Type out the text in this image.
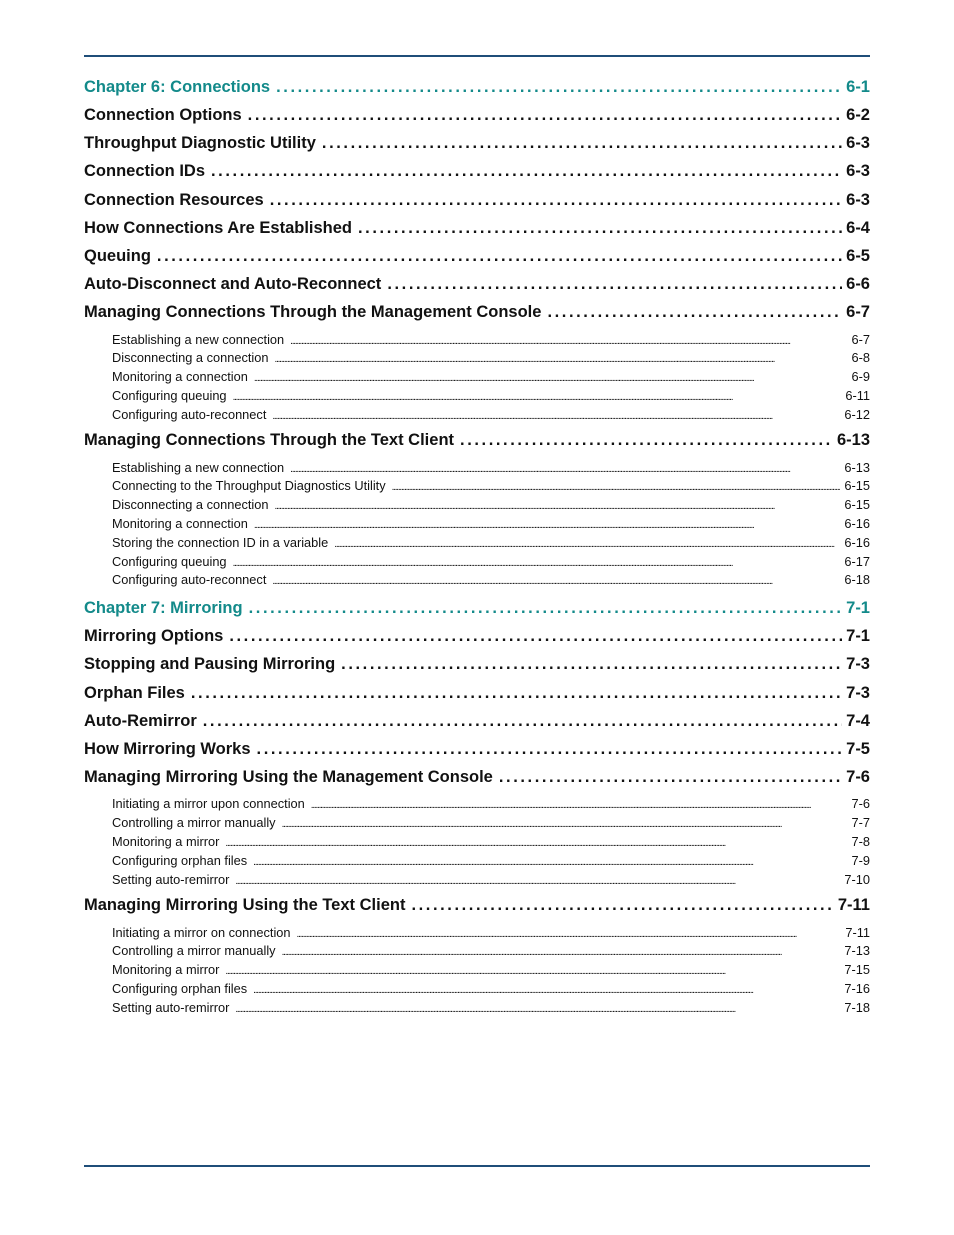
Chapter 6: Connections . . .	6-1
Connection Options . . .	6-2
Throughput Diagnostic Utility . . .	6-3
Connection IDs . . .	6-3
Connection Resources . . .	6-3
How Connections Are Established . . .	6-4
Queuing . . .	6-5
Auto-Disconnect and Auto-Reconnect . . .	6-6
Managing Connections Through the Management Console . . .	6-7
Establishing a new connection . . .	6-7
Disconnecting a connection . . .	6-8
Monitoring a connection . . .	6-9
Configuring queuing . . .	6-11
Configuring auto-reconnect . . .	6-12
Managing Connections Through the Text Client . . .	6-13
Establishing a new connection . . .	6-13
Connecting to the Throughput Diagnostics Utility . . .	6-15
Disconnecting a connection . . .	6-15
Monitoring a connection . . .	6-16
Storing the connection ID in a variable . . .	6-16
Configuring queuing . . .	6-17
Configuring auto-reconnect . . .	6-18
Chapter 7: Mirroring . . .	7-1
Mirroring Options . . .	7-1
Stopping and Pausing Mirroring . . .	7-3
Orphan Files . . .	7-3
Auto-Remirror . . .	7-4
How Mirroring Works . . .	7-5
Managing Mirroring Using the Management Console . . .	7-6
Initiating a mirror upon connection . . .	7-6
Controlling a mirror manually . . .	7-7
Monitoring a mirror . . .	7-8
Configuring orphan files . . .	7-9
Setting auto-remirror . . .	7-10
Managing Mirroring Using the Text Client . . .	7-11
Initiating a mirror on connection . . .	7-11
Controlling a mirror manually . . .	7-13
Monitoring a mirror . . .	7-15
Configuring orphan files . . .	7-16
Setting auto-remirror . . .	7-18
